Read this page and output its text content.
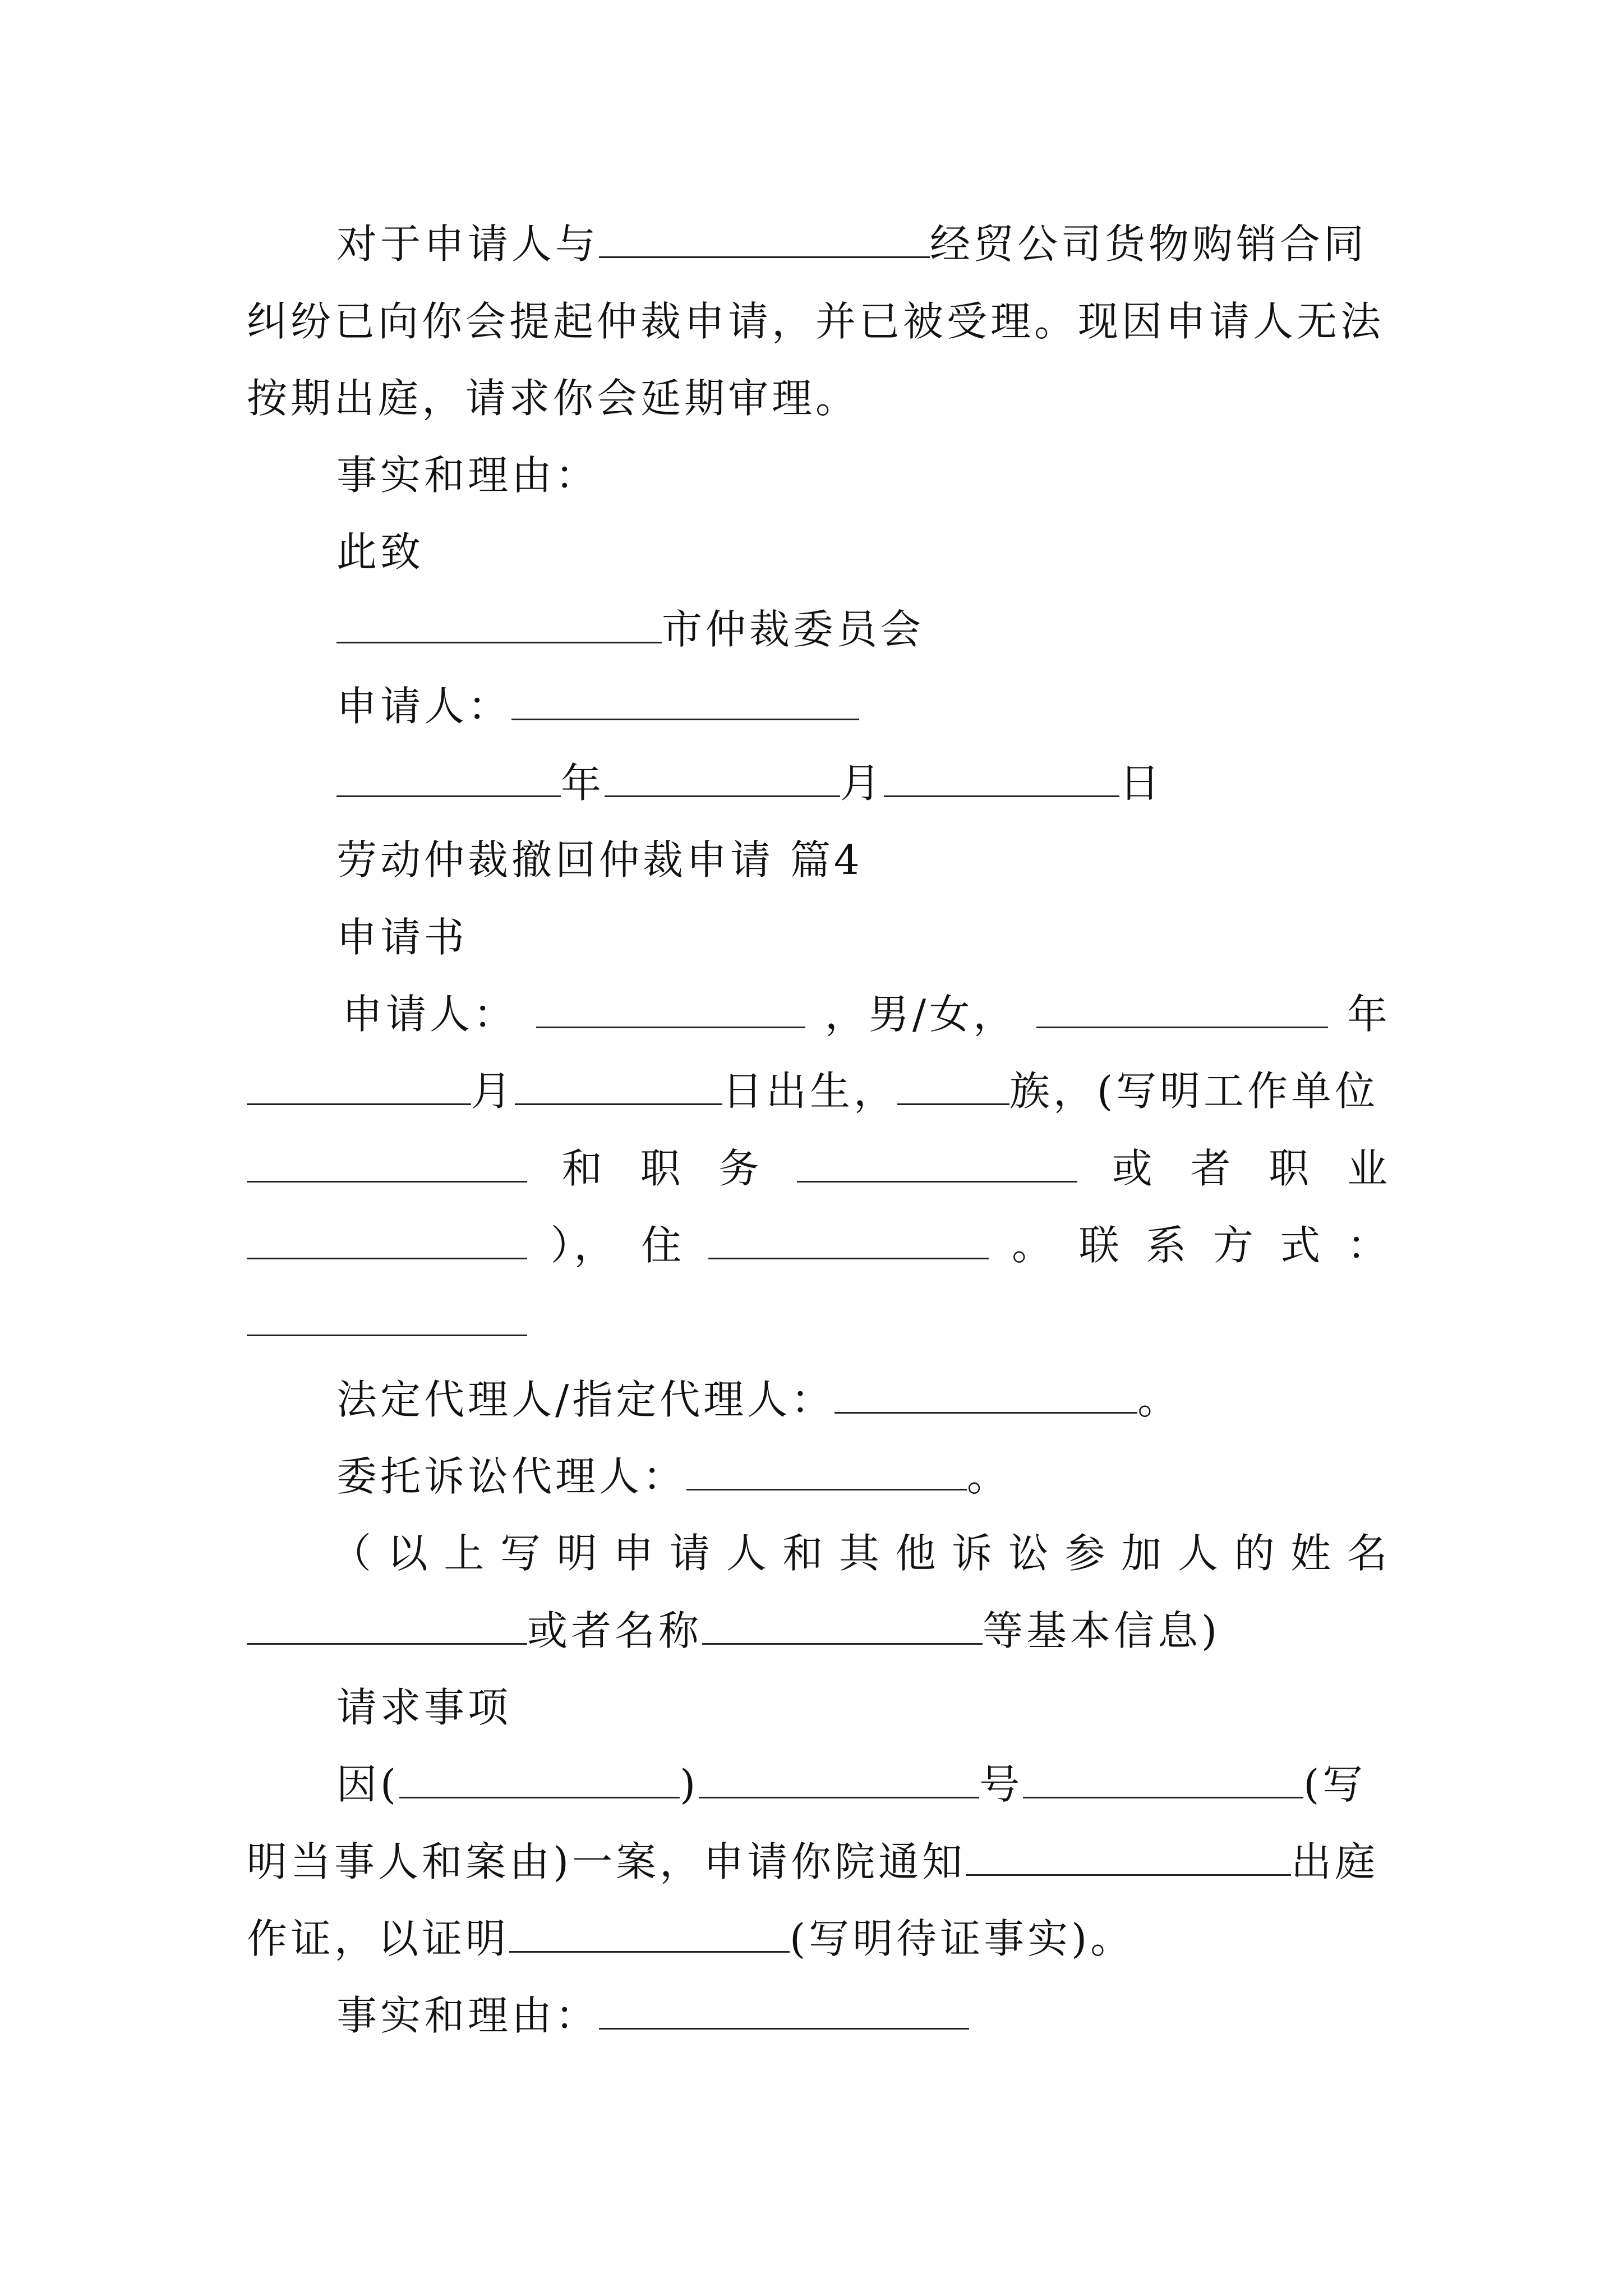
对于申请人与	经贸公司货物购销合同
纠纷已向你会提起仲裁申请，并已被受理。现因申请人无法
按期出庭，请求你会延期审理。
事实和理由：
此致
市仲裁委员会
申请人：
年	月	日
劳动仲裁撤回仲裁申请 篇4
申请书
申请人：	，男/女，	年
月	日出生，	族，(写明工作单位
和 职 务	或 者 职 业
）， 住	。 联 系 方 式 ：
法定代理人/指定代理人：	。
委托诉讼代理人：	。
（ 以 上 写 明 申 请 人 和 其 他 诉 讼 参 加 人 的 姓 名
或者名称	等基本信息)
请求事项
因(	)	号	(写
明当事人和案由)一案，申请你院通知	出庭
作证，以证明	(写明待证事实)。
事实和理由：
